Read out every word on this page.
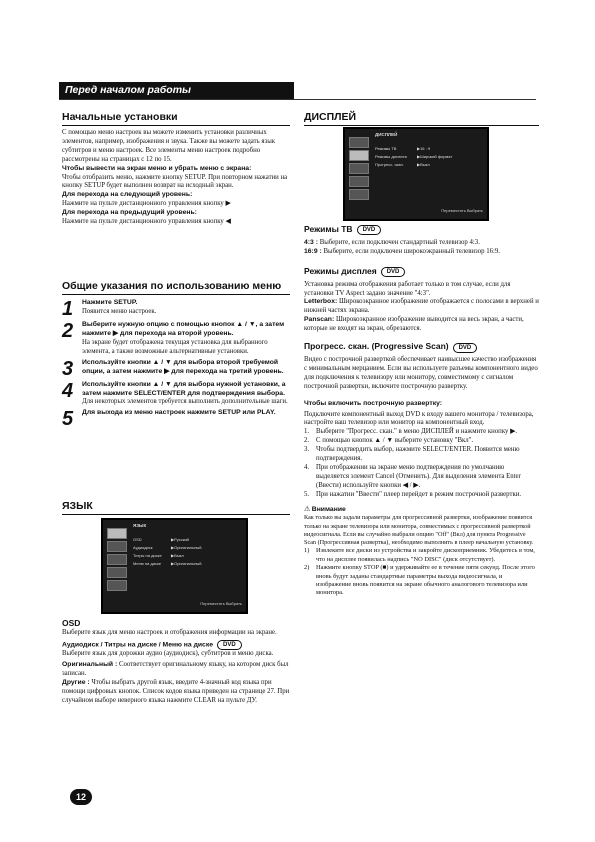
Перед началом работы
Начальные установки

С помощью меню настроек вы можете изменить установки различных элементов, например, изображения и звука. Также вы можете задать язык субтитров и меню настроек. Все элементы меню настроек подробно рассмотрены на страницах с 12 по 15.

Чтобы вывести на экран меню и убрать меню с экрана:

Чтобы отобразить меню, нажмите кнопку SETUP. При повторном нажатии на кнопку SETUP будет выполнен возврат на исходный экран.

Для перехода на следующий уровень:

Нажмите на пульте дистанционного управления кнопку ▶

Для перехода на предыдущий уровень:

Нажмите на пульте дистанционного управления кнопку ◀

Общие указания по использованию меню
1 Нажмите SETUP.

Появится меню настроек.

2 Выберите нужную опцию с помощью кнопок ▲ / ▼, а затем нажмите ▶ для перехода на второй уровень.

На экране будет отображена текущая установка для выбранного элемента, а также возможные альтернативные установки.

3 Используйте кнопки ▲ / ▼ для выбора второй требуемой опции, а затем нажмите ▶ для перехода на третий уровень.

4 Используйте кнопки ▲ / ▼ для выбора нужной установки, а затем нажмите SELECT/ENTER для подтверждения выбора.

Для некоторых элементов требуется выполнить дополнительные шаги.

5 Для выхода из меню настроек нажмите SETUP или PLAY.

ЯЗЫК
ЯЗЫК
OSD	▶Русский
Аудиодиск	▶Оригинальный
Титры на диске ▶Выкл
Меню на диске ▶Оригинальный
Переместить Выбрать
OSD

Выберите язык для меню настроек и отображения информации на экране.

Аудиодиск / Титры на диске / Меню на диске DVD

Выберите язык для дорожки аудио (аудиодиск), субтитров и меню диска.

Оригинальный : Соответствует оригинальному языку, на котором диск был записан.

Другие : Чтобы выбрать другой язык, введите 4-значный код языка при помощи цифровых кнопок. Список кодов языка приведен на странице 27. При случайном выборе неверного языка нажмите CLEAR на пульте ДУ.

12
ДИСПЛЕЙ
ДИСПЛЕЙ
Режимы ТВ	▶16 : 9
Режимы дисплея	▶Широкий формат
Прогресс. скан.	▶Выкл
Переместить Выбрать

Режимы ТВ DVD

4:3 : Выберите, если подключен стандартный телевизор 4:3.

16:9 : Выберите, если подключен широкоэкранный телевизор 16:9.

Режимы дисплея DVD

Установка режима отображения работает только в том случае, если для установки TV Aspect задано значение "4:3".

Letterbox: Широкоэкранное изображение отображается с полосами в верхней и нижней частях экрана.

Panscan: Широкоэкранное изображение выводится на весь экран, а части, которые не входят на экран, обрезаются.

Прогресс. скан. (Progressive Scan) DVD

Видео с построчной разверткой обеспечивает наивысшее качество изображения с минимальным мерцанием. Если вы используете разъемы компонентного видео для подключения к телевизору или монитору, совместимому с сигналом построчной развертки, включите построчную развертку.

Чтобы включить построчную развертку:

Подключите компонентный выход DVD к входу вашего монитора / телевизора, настройте ваш телевизор или монитор на компонентный вход.

1. Выберите "Прогресс. скан." в меню ДИСПЛЕЙ и нажмите кнопку ▶.
2. С помощью кнопок ▲ / ▼ выберите установку "Вкл".
3. Чтобы подтвердить выбор, нажмите SELECT/ENTER. Появится меню подтверждения.
4. При отображении на экране меню подтверждения по умолчанию выделяется элемент Cancel (Отменить). Для выделения элемента Enter (Ввести) используйте кнопки ◀ / ▶.
5. При нажатии "Ввести" плеер перейдет в режим построчной развертки.

⚠ Внимание

Как только вы задали параметры для прогрессивной развертки, изображение появится только на экране телевизора или монитора, совместимых с прогрессивной разверткой видеосигнала. Если вы случайно выбрали опцию "Off" (Вкл) для пункта Progressive Scan (Прогрессивная развертка), необходимо выполнить в плеер начальную установку.

1) Извлеките все диски из устройства и закройте дископриемник. Убедитесь в том, что на дисплее появилась надпись "NO DISC" (диск отсутствует).
2) Нажмите кнопку STOP (■) и удерживайте ее в течение пяти секунд. После этого вновь будут заданы стандартные параметры выхода видеосигнала, и изображение вновь появится на экране обычного аналогового телевизора или монитора.
